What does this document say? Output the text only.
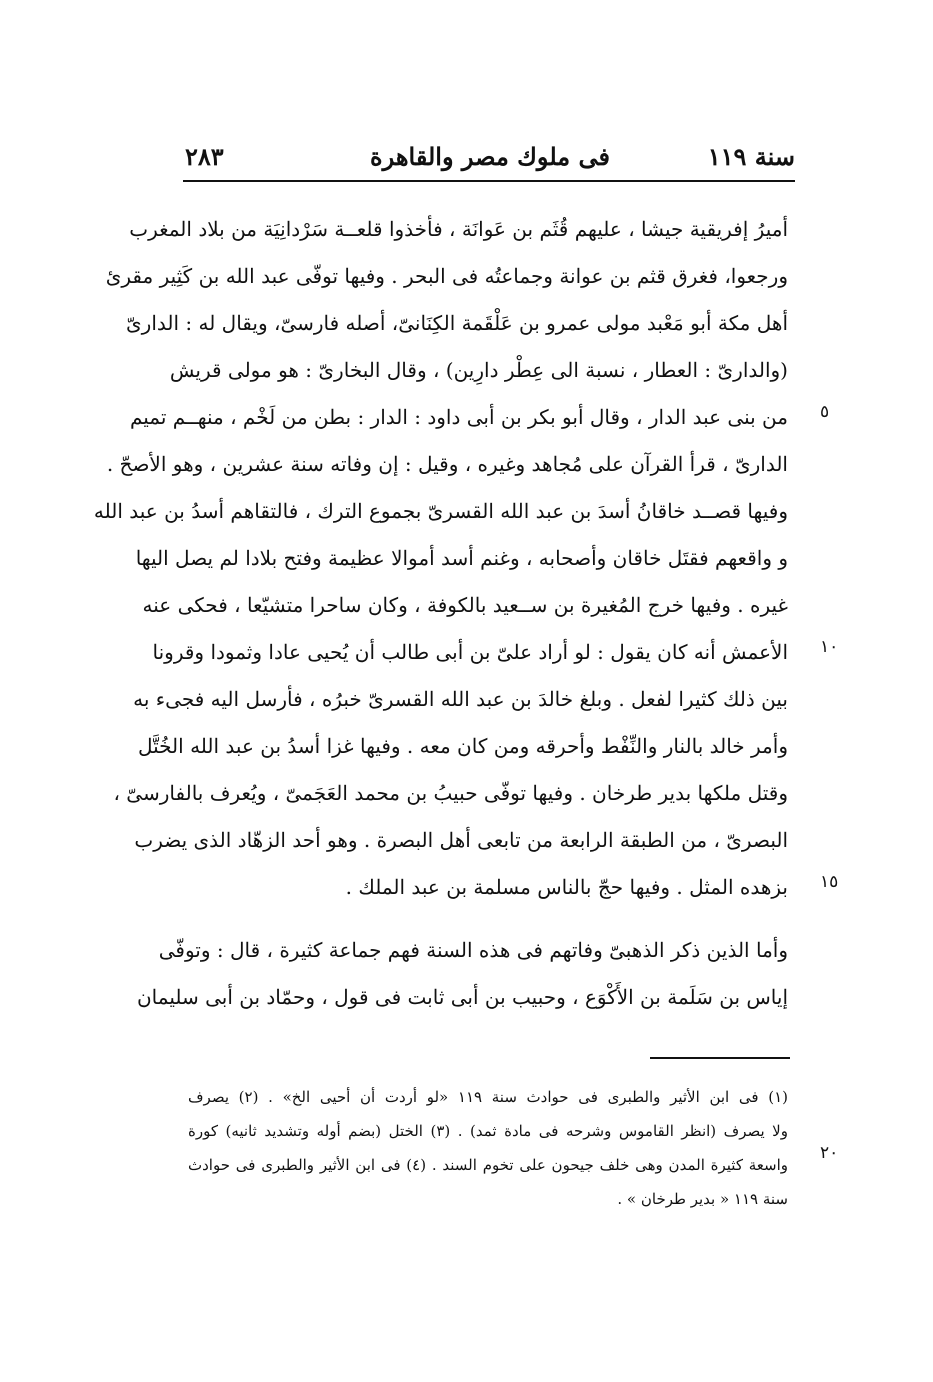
سنة ١١٩
فى ملوك مصر والقاهرة
٢٨٣
أميرُ إفريقية جيشا ، عليهم قُثَم بن عَوانَة ، فأخذوا قلعــة سَرْدانِيَة من بلاد المغرب
ورجعوا، فغرق قثم بن عوانة وجماعتُه فى البحر . وفيها توفّى عبد الله بن كَثِير مقرئ
أهل مكة أبو مَعْبد مولى عمرو بن عَلْقَمة الكِنَانىّ، أصله فارسىّ، ويقال له : الدارىّ
(والدارىّ : العطار ، نسبة الى عِطْر دارِين) ، وقال البخارىّ : هو مولى قريش
من بنى عبد الدار ، وقال أبو بكر بن أبى داود : الدار : بطن من لَخْم ، منهــم تميم
الدارىّ ، قرأ القرآن على مُجاهد وغيره ، وقيل : إن وفاته سنة عشرين ، وهو الأصحّ .
وفيها قصــد خاقانُ أسدَ بن عبد الله القسرىّ بجموع الترك ، فالتقاهم أسدُ بن عبد الله
و واقعهم فقتَل خاقان وأصحابه ، وغنم أسد أموالا عظيمة وفتح بلادا لم يصل اليها
غيره . وفيها خرج المُغيرة بن ســعيد بالكوفة ، وكان ساحرا متشيّعا ، فحكى عنه
الأعمش أنه كان يقول : لو أراد علىّ بن أبى طالب أن يُحيى عادا وثمودا وقرونا
بين ذلك كثيرا لفعل . وبلغ خالدَ بن عبد الله القسرىّ خبرُه ، فأرسل اليه فجىء به
وأمر خالد بالنار والنِّفْط وأحرقه ومن كان معه . وفيها غزا أسدُ بن عبد الله الخُتَّل
وقتل ملكها بدير طرخان . وفيها توفّى حبيبُ بن محمد العَجَمىّ ، ويُعرف بالفارسىّ ،
البصرىّ ، من الطبقة الرابعة من تابعى أهل البصرة . وهو أحد الزهّاد الذى يضرب
بزهده المثل . وفيها حجّ بالناس مسلمة بن عبد الملك .
وأما الذين ذكر الذهبىّ وفاتهم فى هذه السنة فهم جماعة كثيرة ، قال : وتوفّى
إياس بن سَلَمة بن الأَكْوَع ، وحبيب بن أبى ثابت فى قول ، وحمّاد بن أبى سليمان
٥
١٠
١٥
٢٠
(١) فى ابن الأثير والطبرى فى حوادث سنة ١١٩ «لو أردت أن أحيى الخ» . (٢) يصرف
ولا يصرف (انظر القاموس وشرحه فى مادة ثمد) . (٣) الختل (بضم أوله وتشديد ثانيه) كورة
واسعة كثيرة المدن وهى خلف جيحون على تخوم السند . (٤) فى ابن الأثير والطبرى فى حوادث
سنة ١١٩ « بدير طرخان » .
